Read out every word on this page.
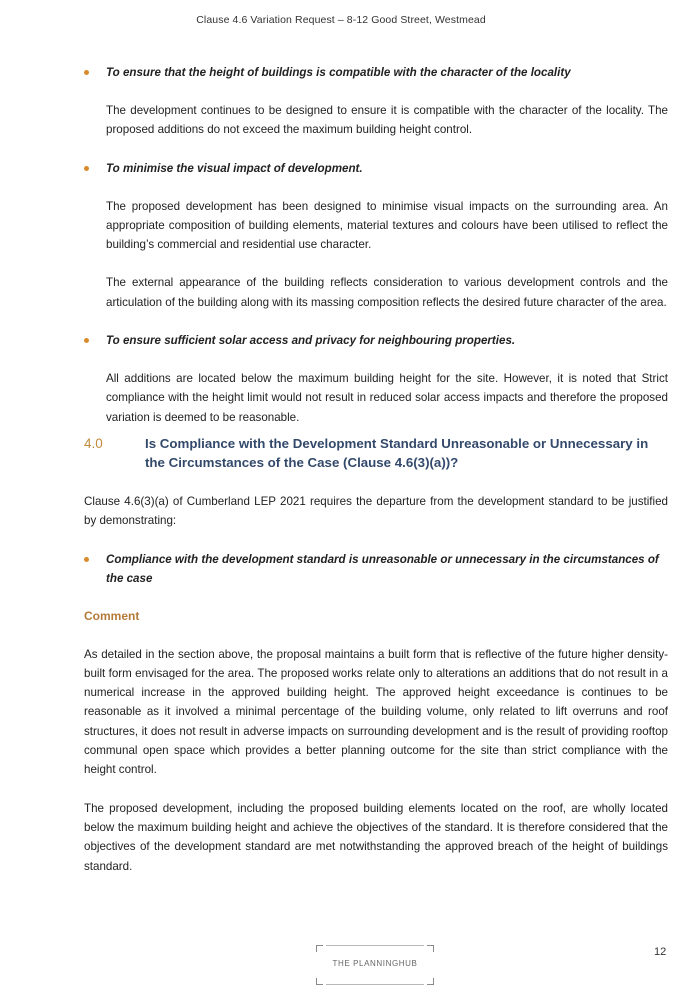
Clause 4.6 Variation Request – 8-12 Good Street, Westmead
To ensure that the height of buildings is compatible with the character of the locality

The development continues to be designed to ensure it is compatible with the character of the locality. The proposed additions do not exceed the maximum building height control.

To minimise the visual impact of development.

The proposed development has been designed to minimise visual impacts on the surrounding area. An appropriate composition of building elements, material textures and colours have been utilised to reflect the building’s commercial and residential use character.

The external appearance of the building reflects consideration to various development controls and the articulation of the building along with its massing composition reflects the desired future character of the area.

To ensure sufficient solar access and privacy for neighbouring properties.

All additions are located below the maximum building height for the site. However, it is noted that Strict compliance with the height limit would not result in reduced solar access impacts and therefore the proposed variation is deemed to be reasonable.

4.0	Is Compliance with the Development Standard Unreasonable or Unnecessary in the Circumstances of the Case (Clause 4.6(3)(a))?

Clause 4.6(3)(a) of Cumberland LEP 2021 requires the departure from the development standard to be justified by demonstrating:

Compliance with the development standard is unreasonable or unnecessary in the circumstances of the case
Comment

As detailed in the section above, the proposal maintains a built form that is reflective of the future higher density-built form envisaged for the area. The proposed works relate only to alterations an additions that do not result in a numerical increase in the approved building height. The approved height exceedance is continues to be reasonable as it involved a minimal percentage of the building volume, only related to lift overruns and roof structures, it does not result in adverse impacts on surrounding development and is the result of providing rooftop communal open space which provides a better planning outcome for the site than strict compliance with the height control.

The proposed development, including the proposed building elements located on the roof, are wholly located below the maximum building height and achieve the objectives of the standard. It is therefore considered that the objectives of the development standard are met notwithstanding the approved breach of the height of buildings standard.

THE PLANNINGHUB
12
